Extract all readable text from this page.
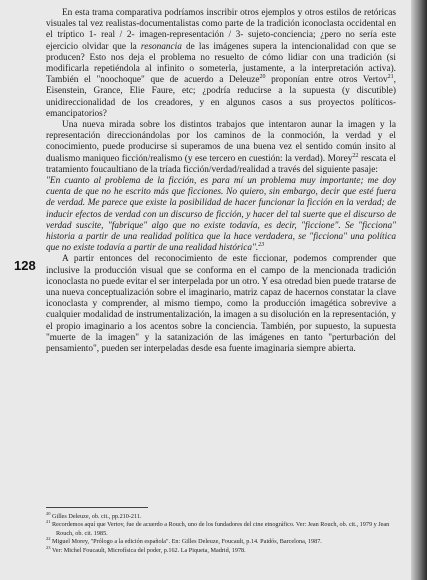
128

En esta trama comparativa podríamos inscribir otros ejemplos y otros estilos de retóricas visuales tal vez realistas-documentalistas como parte de la tradición iconoclasta occidental en el tríptico 1- real / 2- imagen-representación / 3- sujeto-conciencia; ¿pero no sería este ejercicio olvidar que la resonancia de las imágenes supera la intencionalidad con que se producen? Esto nos deja el problema no resuelto de cómo lidiar con una tradición (si modificarla repetiéndola al infinito o someterla, justamente, a la interpretación activa). También el "noochoque" que de acuerdo a Deleuze$^{20}$ proponían entre otros Vertov$^{21}$, Eisenstein, Grance, Elie Faure, etc; ¿podría reducirse a la supuesta (y discutible) unidireccionalidad de los creadores, y en algunos casos a sus proyectos políticos-emancipatorios?

Una nueva mirada sobre los distintos trabajos que intentaron aunar la imagen y la representación direccionándolas por los caminos de la conmoción, la verdad y el conocimiento, puede producirse si superamos de una buena vez el sentido común insito al dualismo maniqueo ficción/realismo (y ese tercero en cuestión: la verdad). Morey$^{22}$ rescata el tratamiento foucaultiano de la tríada ficción/verdad/realidad a través del siguiente pasaje:

"En cuanto al problema de la ficción, es para mí un problema muy importante; me doy cuenta de que no he escrito más que ficciones. No quiero, sin embargo, decir que esté fuera de verdad. Me parece que existe la posibilidad de hacer funcionar la ficción en la verdad; de inducir efectos de verdad con un discurso de ficción, y hacer del tal suerte que el discurso de verdad suscite, "fabrique" algo que no existe todavía, es decir, "ficcione". Se "ficciona" historia a partir de una realidad política que la hace verdadera, se "ficciona" una política que no existe todavía a partir de una realidad histórica".$^{23}$

A partir entonces del reconocimiento de este ficcionar, podemos comprender que inclusive la producción visual que se conforma en el campo de la mencionada tradición iconoclasta no puede evitar el ser interpelada por un otro. Y esa otredad bien puede tratarse de una nueva conceptualización sobre el imaginario, matriz capaz de hacernos constatar la clave iconoclasta y comprender, al mismo tiempo, como la producción imagética sobrevive a cualquier modalidad de instrumentalización, la imagen a su disolución en la representación, y el propio imaginario a los acentos sobre la conciencia. También, por supuesto, la supuesta "muerte de la imagen" y la satanización de las imágenes en tanto "perturbación del pensamiento", pueden ser interpeladas desde esa fuente imaginaria siempre abierta.

$^{20}$ Gilles Deleuze, ob. cit., pp.210-211.

$^{21}$ Recordemos aquí que Vertov, fue de acuerdo a Rouch, uno de los fundadores del cine etnográfico. Ver: Jean Rouch, ob. cit., 1979 y Jean Rouch, ob. cit. 1985.

$^{22}$ Miguel Morey, "Prólogo a la edición española". En: Gilles Deleuze, Foucault, p.14. Paidós, Barcelona, 1987.

$^{23}$ Ver: Michel Foucault, Microfísica del poder, p.162. La Piqueta, Madrid, 1978.
